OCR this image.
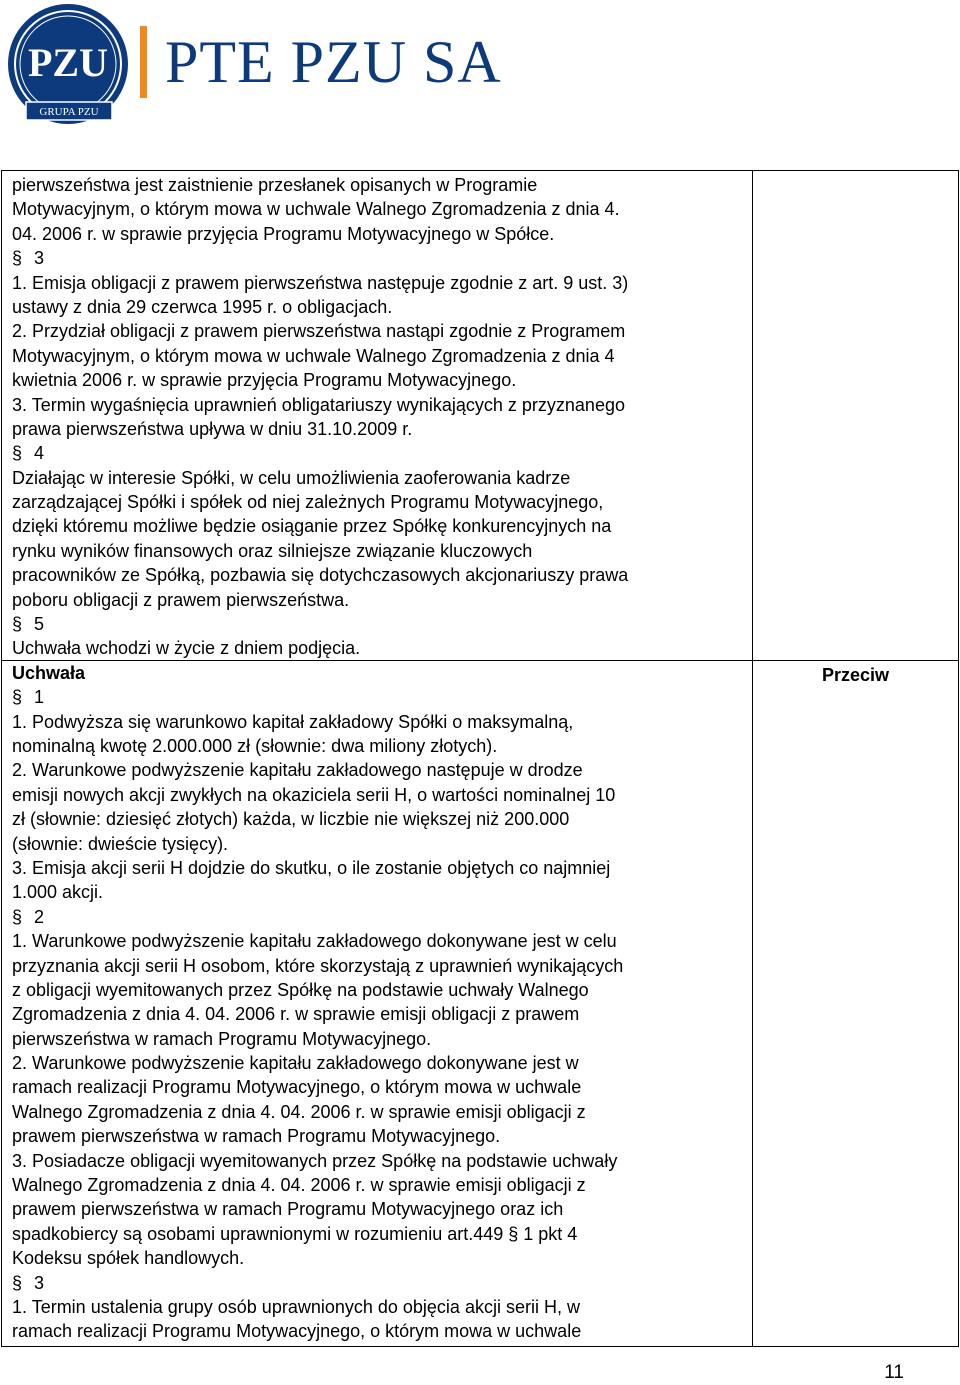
PZU
GRUPA PZU
PTE PZU SA
pierwszeństwa jest zaistnienie przesłanek opisanych w Programie
Motywacyjnym, o którym mowa w uchwale Walnego Zgromadzenia z dnia 4.
04. 2006 r. w sprawie przyjęcia Programu Motywacyjnego w Spółce.
§ 3
1. Emisja obligacji z prawem pierwszeństwa następuje zgodnie z art. 9 ust. 3)
ustawy z dnia 29 czerwca 1995 r. o obligacjach.
2. Przydział obligacji z prawem pierwszeństwa nastąpi zgodnie z Programem
Motywacyjnym, o którym mowa w uchwale Walnego Zgromadzenia z dnia 4
kwietnia 2006 r. w sprawie przyjęcia Programu Motywacyjnego.
3. Termin wygaśnięcia uprawnień obligatariuszy wynikających z przyznanego
prawa pierwszeństwa upływa w dniu 31.10.2009 r.
§ 4
Działając w interesie Spółki, w celu umożliwienia zaoferowania kadrze
zarządzającej Spółki i spółek od niej zależnych Programu Motywacyjnego,
dzięki któremu możliwe będzie osiąganie przez Spółkę konkurencyjnych na
rynku wyników finansowych oraz silniejsze związanie kluczowych
pracowników ze Spółką, pozbawia się dotychczasowych akcjonariuszy prawa
poboru obligacji z prawem pierwszeństwa.
§ 5
Uchwała wchodzi w życie z dniem podjęcia.
Uchwała
§ 1
1. Podwyższa się warunkowo kapitał zakładowy Spółki o maksymalną,
nominalną kwotę 2.000.000 zł (słownie: dwa miliony złotych).
2. Warunkowe podwyższenie kapitału zakładowego następuje w drodze
emisji nowych akcji zwykłych na okaziciela serii H, o wartości nominalnej 10
zł (słownie: dziesięć złotych) każda, w liczbie nie większej niż 200.000
(słownie: dwieście tysięcy).
3. Emisja akcji serii H dojdzie do skutku, o ile zostanie objętych co najmniej
1.000 akcji.
§ 2
1. Warunkowe podwyższenie kapitału zakładowego dokonywane jest w celu
przyznania akcji serii H osobom, które skorzystają z uprawnień wynikających
z obligacji wyemitowanych przez Spółkę na podstawie uchwały Walnego
Zgromadzenia z dnia 4. 04. 2006 r. w sprawie emisji obligacji z prawem
pierwszeństwa w ramach Programu Motywacyjnego.
2. Warunkowe podwyższenie kapitału zakładowego dokonywane jest w
ramach realizacji Programu Motywacyjnego, o którym mowa w uchwale
Walnego Zgromadzenia z dnia 4. 04. 2006 r. w sprawie emisji obligacji z
prawem pierwszeństwa w ramach Programu Motywacyjnego.
3. Posiadacze obligacji wyemitowanych przez Spółkę na podstawie uchwały
Walnego Zgromadzenia z dnia 4. 04. 2006 r. w sprawie emisji obligacji z
prawem pierwszeństwa w ramach Programu Motywacyjnego oraz ich
spadkobiercy są osobami uprawnionymi w rozumieniu art.449 § 1 pkt 4
Kodeksu spółek handlowych.
§ 3
1. Termin ustalenia grupy osób uprawnionych do objęcia akcji serii H, w
ramach realizacji Programu Motywacyjnego, o którym mowa w uchwale
Przeciw
11
